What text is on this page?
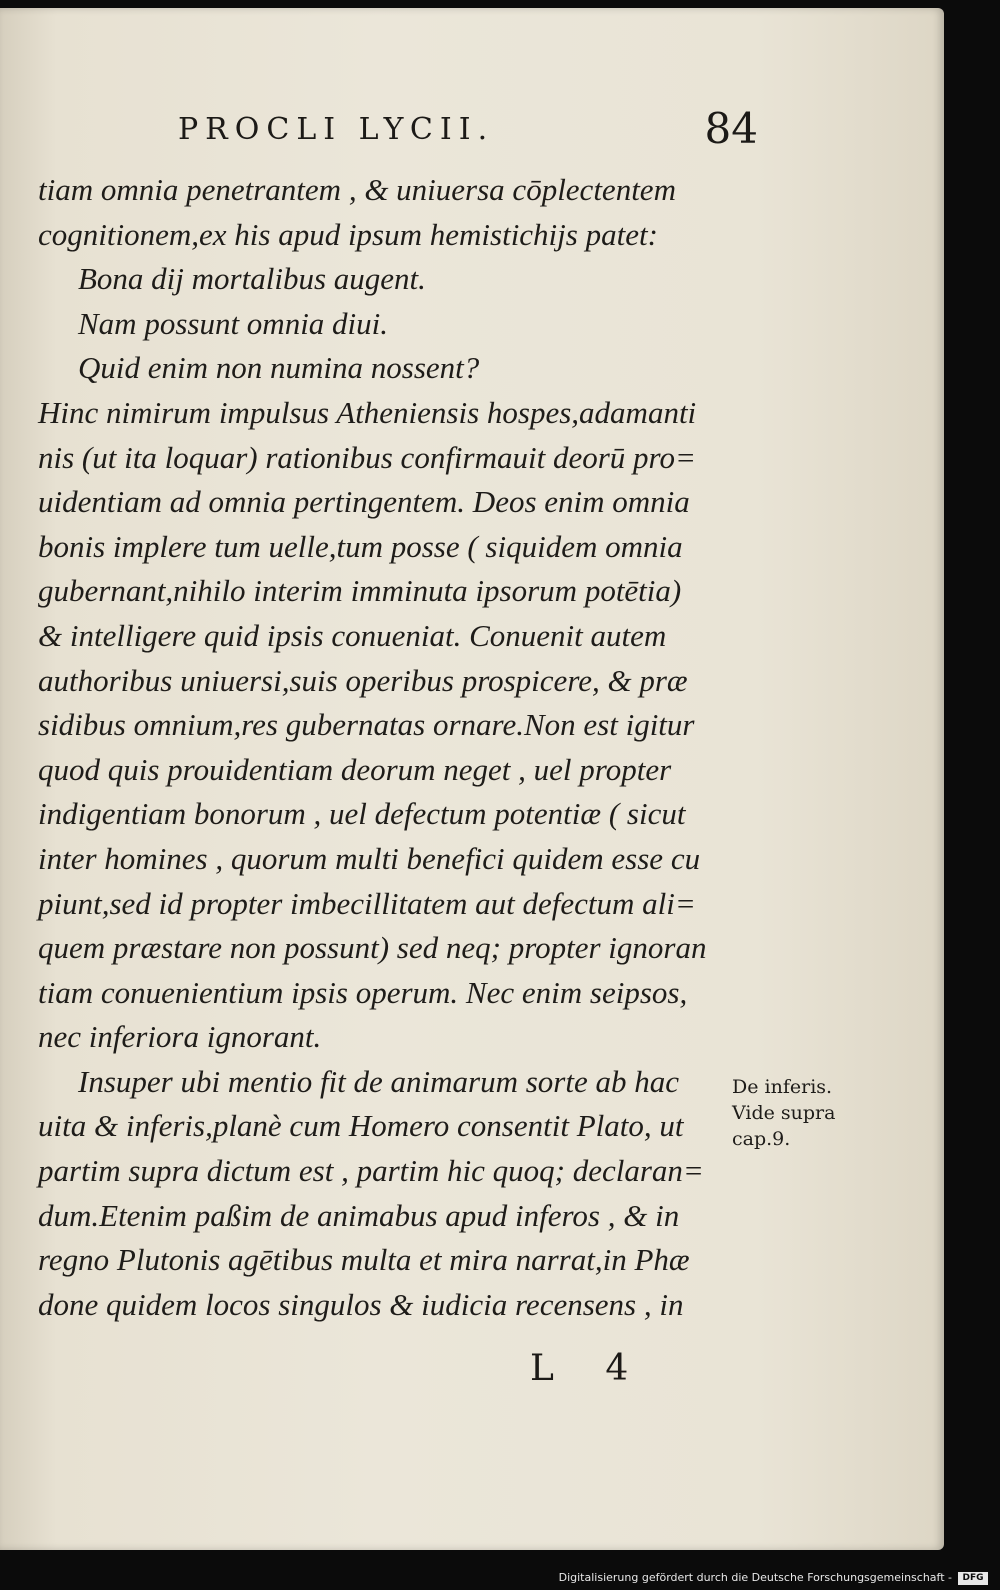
PROCLI LYCII.	84
tiam omnia penetrantem , & uniuersa cōplectentem
cognitionem,ex his apud ipsum hemistichijs patet:
Bona dij mortalibus augent.
Nam possunt omnia diui.
Quid enim non numina nossent?
Hinc nimirum impulsus Atheniensis hospes,adamanti
nis (ut ita loquar) rationibus confirmauit deorū pro=
uidentiam ad omnia pertingentem. Deos enim omnia
bonis implere tum uelle,tum posse ( siquidem omnia
gubernant,nihilo interim imminuta ipsorum potētia)
& intelligere quid ipsis conueniat. Conuenit autem
authoribus uniuersi,suis operibus prospicere, & præ
sidibus omnium,res gubernatas ornare.Non est igitur
quod quis prouidentiam deorum neget , uel propter
indigentiam bonorum , uel defectum potentiæ ( sicut
inter homines , quorum multi benefici quidem esse cu
piunt,sed id propter imbecillitatem aut defectum ali=
quem præstare non possunt) sed neq; propter ignoran
tiam conuenientium ipsis operum. Nec enim seipsos,
nec inferiora ignorant.
Insuper ubi mentio fit de animarum sorte ab hac
uita & inferis,planè cum Homero consentit Plato, ut
partim supra dictum est , partim hic quoq; declaran=
dum.Etenim paßim de animabus apud inferos , & in
regno Plutonis agētibus multa et mira narrat,in Phæ
done quidem locos singulos & iudicia recensens , in
De inferis.
Vide supra
cap.9.
L 4
Digitalisierung gefördert durch die Deutsche Forschungsgemeinschaft -	DFG
